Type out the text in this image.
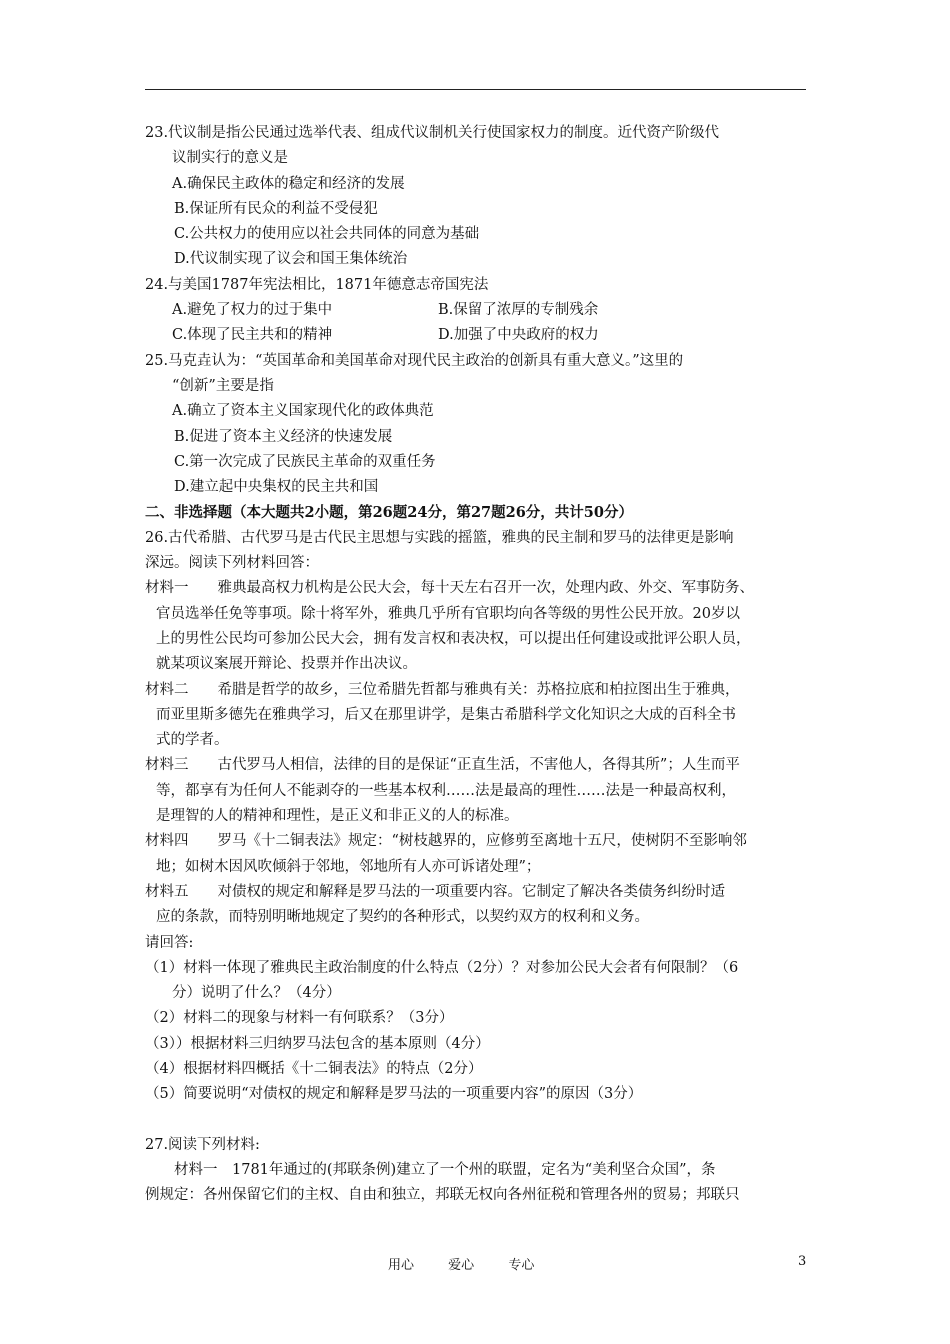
23.代议制是指公民通过选举代表、组成代议制机关行使国家权力的制度。近代资产阶级代
议制实行的意义是
A.确保民主政体的稳定和经济的发展
B.保证所有民众的利益不受侵犯
C.公共权力的使用应以社会共同体的同意为基础
D.代议制实现了议会和国王集体统治
24.与美国1787年宪法相比，1871年德意志帝国宪法
A.避免了权力的过于集中	B.保留了浓厚的专制残余
C.体现了民主共和的精神	D.加强了中央政府的权力
25.马克垚认为：“英国革命和美国革命对现代民主政治的创新具有重大意义。”这里的
“创新”主要是指
A.确立了资本主义国家现代化的政体典范
B.促进了资本主义经济的快速发展
C.第一次完成了民族民主革命的双重任务
D.建立起中央集权的民主共和国
二、非选择题（本大题共2小题，第26题24分，第27题26分，共计50分）
26.古代希腊、古代罗马是古代民主思想与实践的摇篮，雅典的民主制和罗马的法律更是影响
深远。阅读下列材料回答：
材料一　　雅典最高权力机构是公民大会，每十天左右召开一次，处理内政、外交、军事防务、
官员选举任免等事项。除十将军外，雅典几乎所有官职均向各等级的男性公民开放。20岁以
上的男性公民均可参加公民大会，拥有发言权和表决权，可以提出任何建设或批评公职人员，
就某项议案展开辩论、投票并作出决议。
材料二　　希腊是哲学的故乡，三位希腊先哲都与雅典有关：苏格拉底和柏拉图出生于雅典，
而亚里斯多德先在雅典学习，后又在那里讲学，是集古希腊科学文化知识之大成的百科全书
式的学者。
材料三　　古代罗马人相信，法律的目的是保证“正直生活，不害他人，各得其所”；人生而平
等，都享有为任何人不能剥夺的一些基本权利……法是最高的理性……法是一种最高权利，
是理智的人的精神和理性，是正义和非正义的人的标准。
材料四　　罗马《十二铜表法》规定：“树枝越界的，应修剪至离地十五尺，使树阴不至影响邻
地；如树木因风吹倾斜于邻地，邻地所有人亦可诉诸处理”；
材料五　　对债权的规定和解释是罗马法的一项重要内容。它制定了解决各类债务纠纷时适
应的条款，而特别明晰地规定了契约的各种形式，以契约双方的权利和义务。
请回答:
（1）材料一体现了雅典民主政治制度的什么特点（2分）？对参加公民大会者有何限制？（6
分）说明了什么？（4分）
（2）材料二的现象与材料一有何联系？（3分）
（3））根据材料三归纳罗马法包含的基本原则（4分）
（4）根据材料四概括《十二铜表法》的特点（2分）
（5）简要说明“对债权的规定和解释是罗马法的一项重要内容”的原因（3分）
27.阅读下列材料:
材料一　1781年通过的(邦联条例)建立了一个州的联盟，定名为“美利坚合众国”，条
例规定：各州保留它们的主权、自由和独立，邦联无权向各州征税和管理各州的贸易；邦联只
用心	爱心	专心	3
